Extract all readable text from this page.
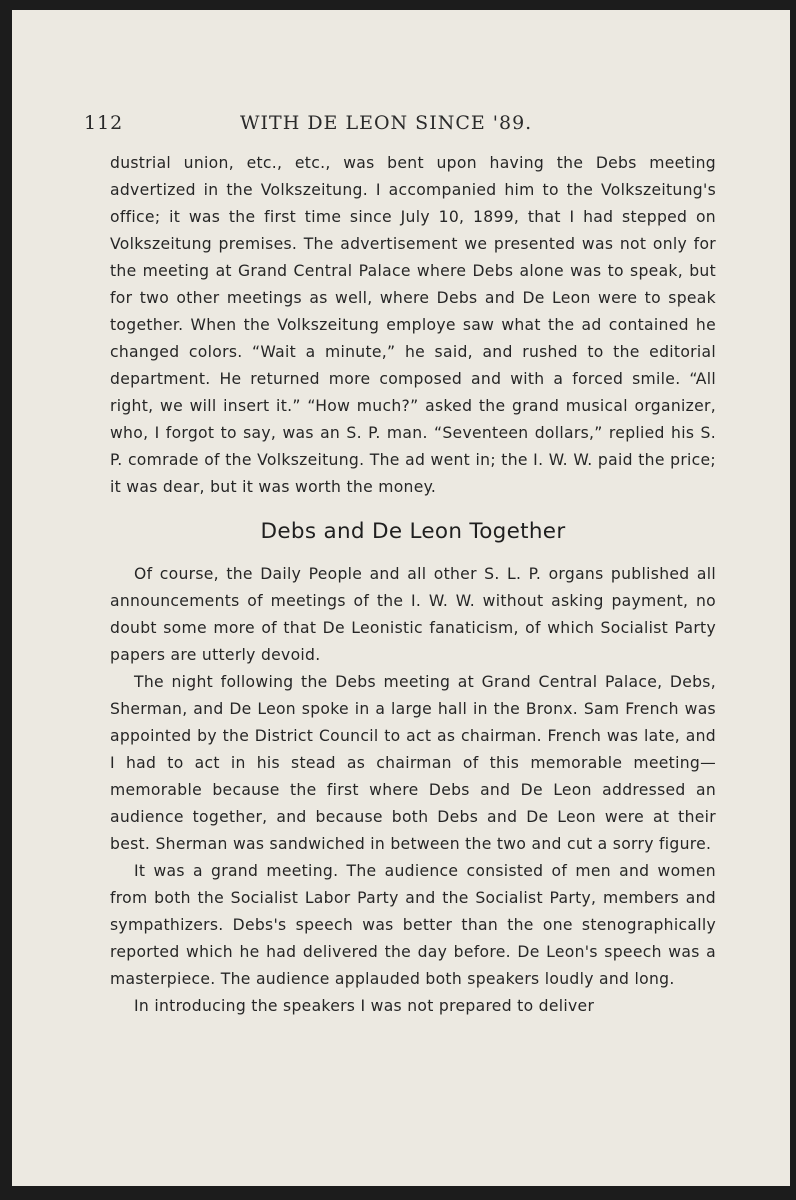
112	WITH DE LEON SINCE '89.

dustrial union, etc., etc., was bent upon having the Debs meeting advertized in the Volkszeitung. I accompanied him to the Volkszeitung's office; it was the first time since July 10, 1899, that I had stepped on Volkszeitung premises. The advertisement we presented was not only for the meeting at Grand Central Palace where Debs alone was to speak, but for two other meetings as well, where Debs and De Leon were to speak together. When the Volkszeitung employe saw what the ad contained he changed colors. “Wait a minute,” he said, and rushed to the editorial department. He returned more composed and with a forced smile. “All right, we will insert it.” “How much?” asked the grand musical organizer, who, I forgot to say, was an S. P. man. “Seventeen dollars,” replied his S. P. comrade of the Volkszeitung. The ad went in; the I. W. W. paid the price; it was dear, but it was worth the money.

Debs and De Leon Together

Of course, the Daily People and all other S. L. P. organs published all announcements of meetings of the I. W. W. without asking payment, no doubt some more of that De Leonistic fanaticism, of which Socialist Party papers are utterly devoid.

The night following the Debs meeting at Grand Central Palace, Debs, Sherman, and De Leon spoke in a large hall in the Bronx. Sam French was appointed by the District Council to act as chairman. French was late, and I had to act in his stead as chairman of this memorable meeting—memorable because the first where Debs and De Leon addressed an audience together, and because both Debs and De Leon were at their best. Sherman was sandwiched in between the two and cut a sorry figure.

It was a grand meeting. The audience consisted of men and women from both the Socialist Labor Party and the Socialist Party, members and sympathizers. Debs's speech was better than the one stenographically reported which he had delivered the day before. De Leon's speech was a masterpiece. The audience applauded both speakers loudly and long.

In introducing the speakers I was not prepared to deliver
